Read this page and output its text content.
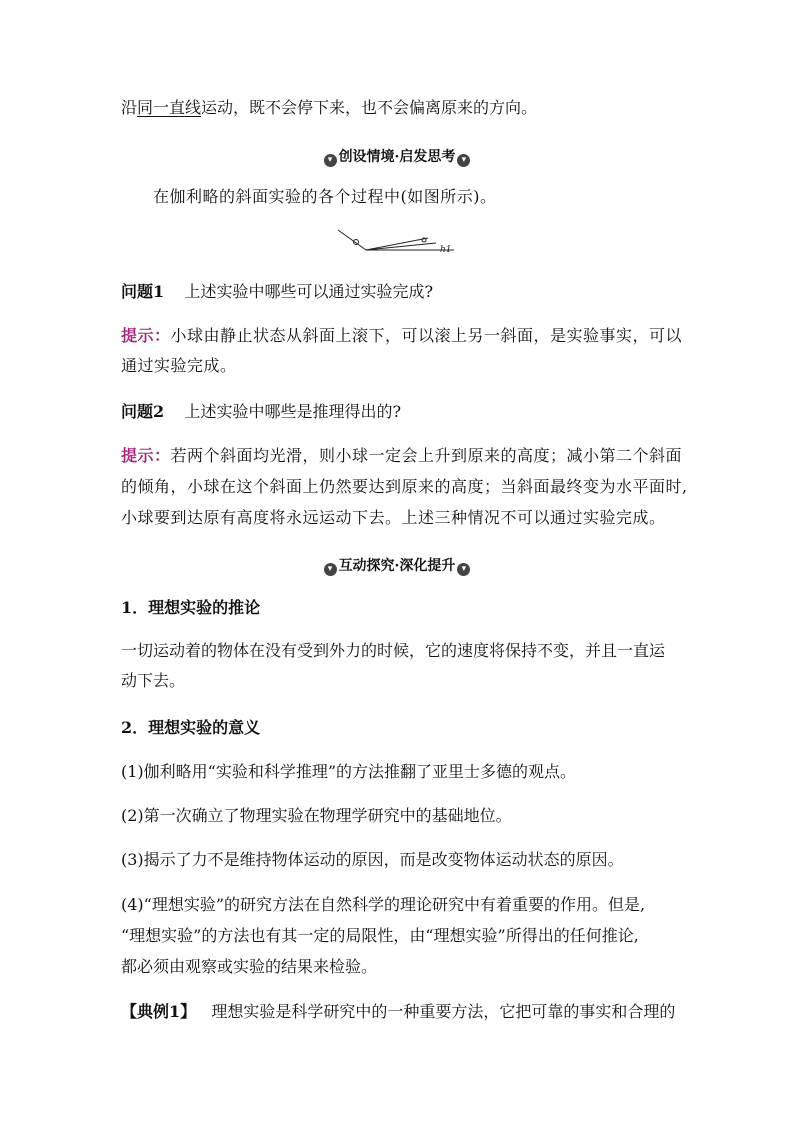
沿同一直线运动，既不会停下来，也不会偏离原来的方向。
▾ 创设情境·启发思考 ▾
在伽利略的斜面实验的各个过程中(如图所示)。
h1
问题1 上述实验中哪些可以通过实验完成?
提示：小球由静止状态从斜面上滚下，可以滚上另一斜面，是实验事实，可以
通过实验完成。
问题2 上述实验中哪些是推理得出的?
提示：若两个斜面均光滑，则小球一定会上升到原来的高度；减小第二个斜面
的倾角，小球在这个斜面上仍然要达到原来的高度；当斜面最终变为水平面时,
小球要到达原有高度将永远运动下去。上述三种情况不可以通过实验完成。
▾ 互动探究·深化提升 ▾
1．理想实验的推论
一切运动着的物体在没有受到外力的时候，它的速度将保持不变，并且一直运
动下去。
2．理想实验的意义
(1)伽利略用“实验和科学推理”的方法推翻了亚里士多德的观点。
(2)第一次确立了物理实验在物理学研究中的基础地位。
(3)揭示了力不是维持物体运动的原因，而是改变物体运动状态的原因。
(4)“理想实验”的研究方法在自然科学的理论研究中有着重要的作用。但是,
“理想实验”的方法也有其一定的局限性，由“理想实验”所得出的任何推论,
都必须由观察或实验的结果来检验。
【典例1】 理想实验是科学研究中的一种重要方法，它把可靠的事实和合理的
